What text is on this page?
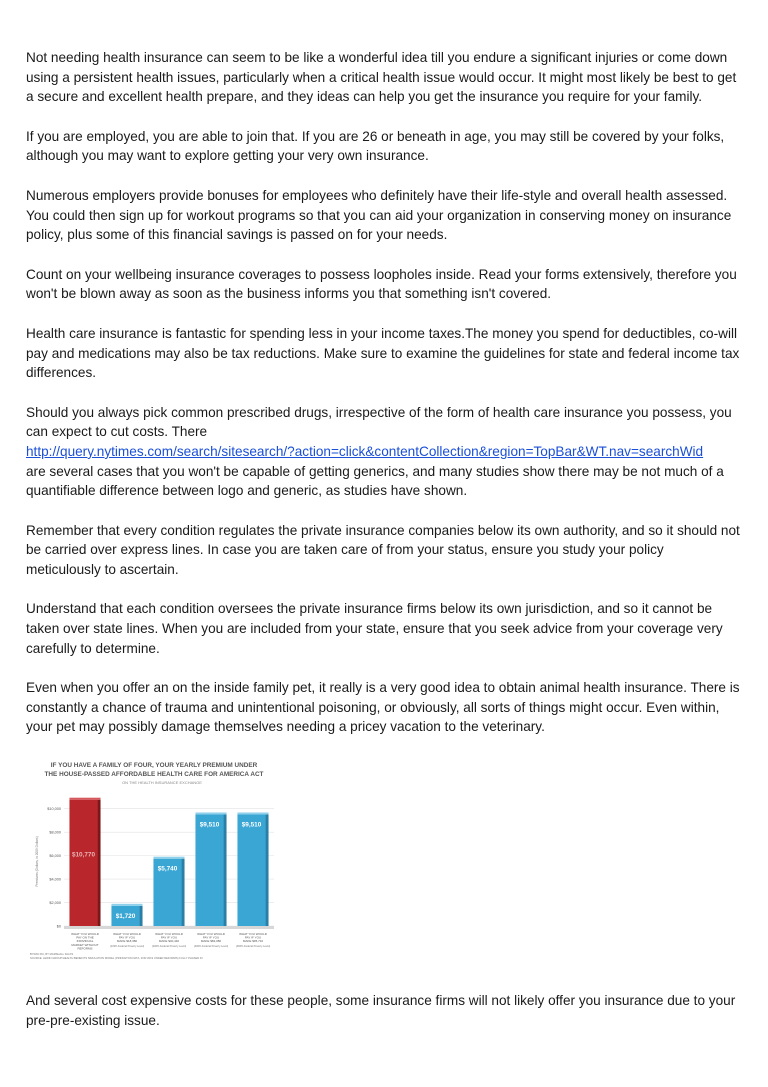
Not needing health insurance can seem to be like a wonderful idea till you endure a significant injuries or come down using a persistent health issues, particularly when a critical health issue would occur. It might most likely be best to get a secure and excellent health prepare, and they ideas can help you get the insurance you require for your family.

If you are employed, you are able to join that. If you are 26 or beneath in age, you may still be covered by your folks, although you may want to explore getting your very own insurance.

Numerous employers provide bonuses for employees who definitely have their life-style and overall health assessed. You could then sign up for workout programs so that you can aid your organization in conserving money on insurance policy, plus some of this financial savings is passed on for your needs.

Count on your wellbeing insurance coverages to possess loopholes inside. Read your forms extensively, therefore you won't be blown away as soon as the business informs you that something isn't covered.

Health care insurance is fantastic for spending less in your income taxes.The money you spend for deductibles, co-will pay and medications may also be tax reductions. Make sure to examine the guidelines for state and federal income tax differences.

Should you always pick common prescribed drugs, irrespective of the form of health care insurance you possess, you can expect to cut costs. There
http://query.nytimes.com/search/sitesearch/?action=click&contentCollection&region=TopBar&WT.nav=searchWid
are several cases that you won't be capable of getting generics, and many studies show there may be not much of a quantifiable difference between logo and generic, as studies have shown.

Remember that every condition regulates the private insurance companies below its own authority, and so it should not be carried over express lines. In case you are taken care of from your status, ensure you study your policy meticulously to ascertain.

Understand that each condition oversees the private insurance firms below its own jurisdiction, and so it cannot be taken over state lines. When you are included from your state, ensure that you seek advice from your coverage very carefully to determine.

Even when you offer an on the inside family pet, it really is a very good idea to obtain animal health insurance. There is constantly a chance of trauma and unintentional poisoning, or obviously, all sorts of things might occur. Even within, your pet may possibly damage themselves needing a pricey vacation to the veterinary.

IF YOU HAVE A FAMILY OF FOUR, YOUR YEARLY PREMIUM UNDER
THE HOUSE-PASSED AFFORDABLE HEALTH CARE FOR AMERICA ACT
ON THE HEALTH INSURANCE EXCHANGE
Premiums (Dollars, in 2009 Dollars)
$0
$2,000
$4,000
$6,000
$8,000
$10,000
$10,770
WHAT YOU WOULD PAY ON THE INDIVIDUAL MARKET WITHOUT REFORMS
$1,720
WHAT YOU WOULD PAY IF YOU MAKE $18,380
(133% Federal Poverty Level)
$5,740
WHAT YOU WOULD PAY IF YOU MAKE $40,440
(200% Federal Poverty Level)
$9,510
WHAT YOU WOULD PAY IF YOU MAKE $82,080
(400% Federal Poverty Level)
$9,510
WHAT YOU WOULD PAY IF YOU MAKE $95,710
(466% Federal Poverty Level)
BYRAN RU, BY MARSHALL FALKS
SOURCE: LEWIN GROUP/HEALTH BENEFITS SIMULATION MODEL (PRINCETON DATA, FOR 2019 UNDER REFORMS) FULLY PHASED IN

And several cost expensive costs for these people, some insurance firms will not likely offer you insurance due to your pre-pre-existing issue.
